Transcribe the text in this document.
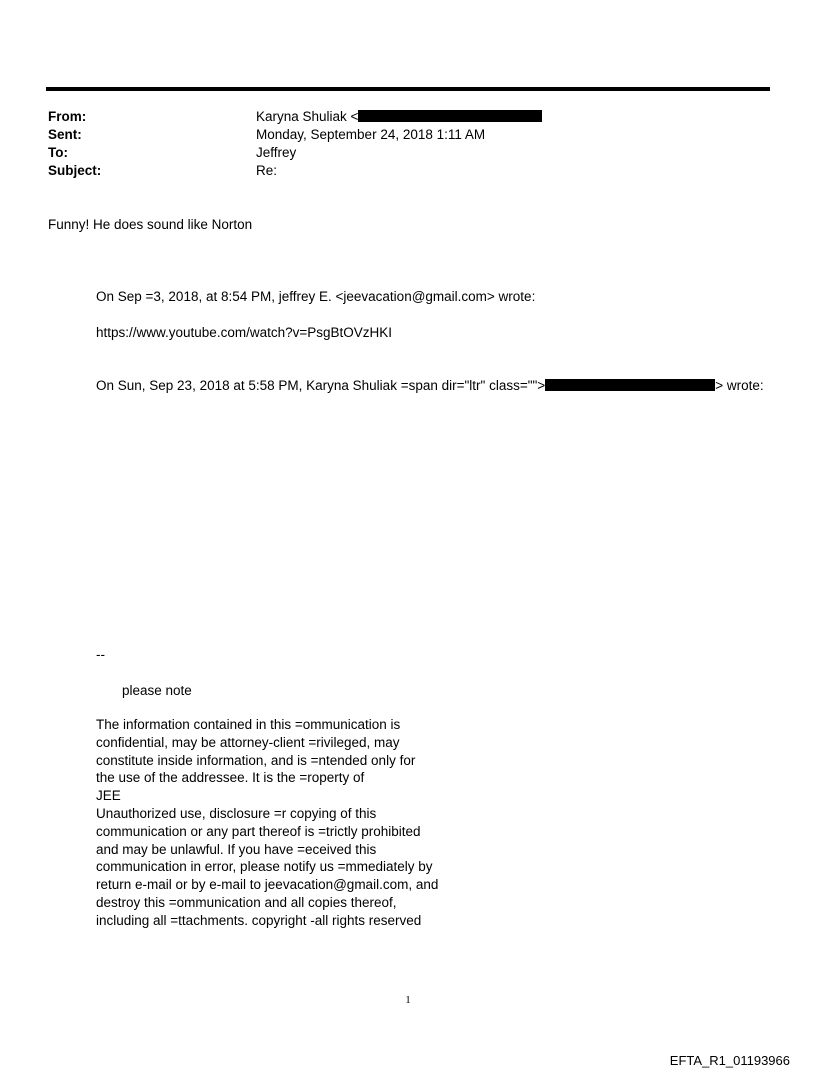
From:	Karyna Shuliak <
Sent:	Monday, September 24, 2018 1:11 AM
To:	Jeffrey
Subject:	Re:
Funny! He does sound like Norton
On Sep =3, 2018, at 8:54 PM, jeffrey E. <jeevacation@gmail.com> wrote:
https://www.youtube.com/watch?v=PsgBtOVzHKI
On Sun, Sep 23, 2018 at 5:58 PM, Karyna Shuliak =span dir="ltr" class="">	> wrote:
--
please note
The information contained in this =ommunication is
confidential, may be attorney-client =rivileged, may
constitute inside information, and is =ntended only for
the use of the addressee. It is the =roperty of
JEE
Unauthorized use, disclosure =r copying of this
communication or any part thereof is =trictly prohibited
and may be unlawful. If you have =eceived this
communication in error, please notify us =mmediately by
return e-mail or by e-mail to jeevacation@gmail.com, and
destroy this =ommunication and all copies thereof,
including all =ttachments. copyright -all rights reserved
1
EFTA_R1_01193966
